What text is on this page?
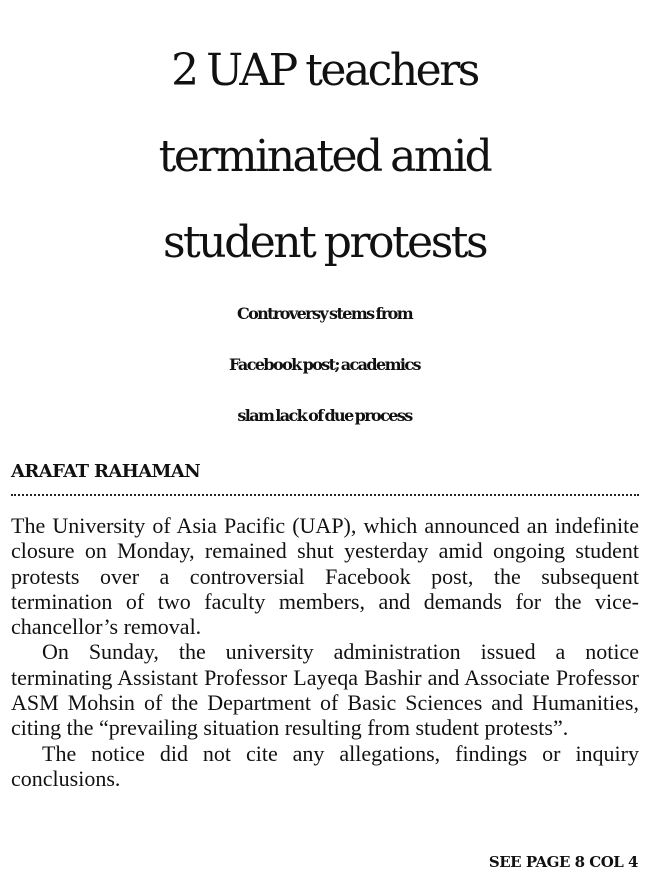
2 UAP teachers
terminated amid
student protests
Controversy stems from
Facebook post; academics
slam lack of due process
ARAFAT RAHAMAN

The University of Asia Pacific (UAP), which announced an indefinite closure on Monday, remained shut yesterday amid ongoing student protests over a controversial Facebook post, the subsequent termination of two faculty members, and demands for the vice-chancellor’s removal.

On Sunday, the university administration issued a notice terminating Assistant Professor Layeqa Bashir and Associate Professor ASM Mohsin of the Department of Basic Sciences and Humanities, citing the “prevailing situation resulting from student protests”.

The notice did not cite any allegations, findings or inquiry conclusions.

SEE PAGE 8 COL 4
